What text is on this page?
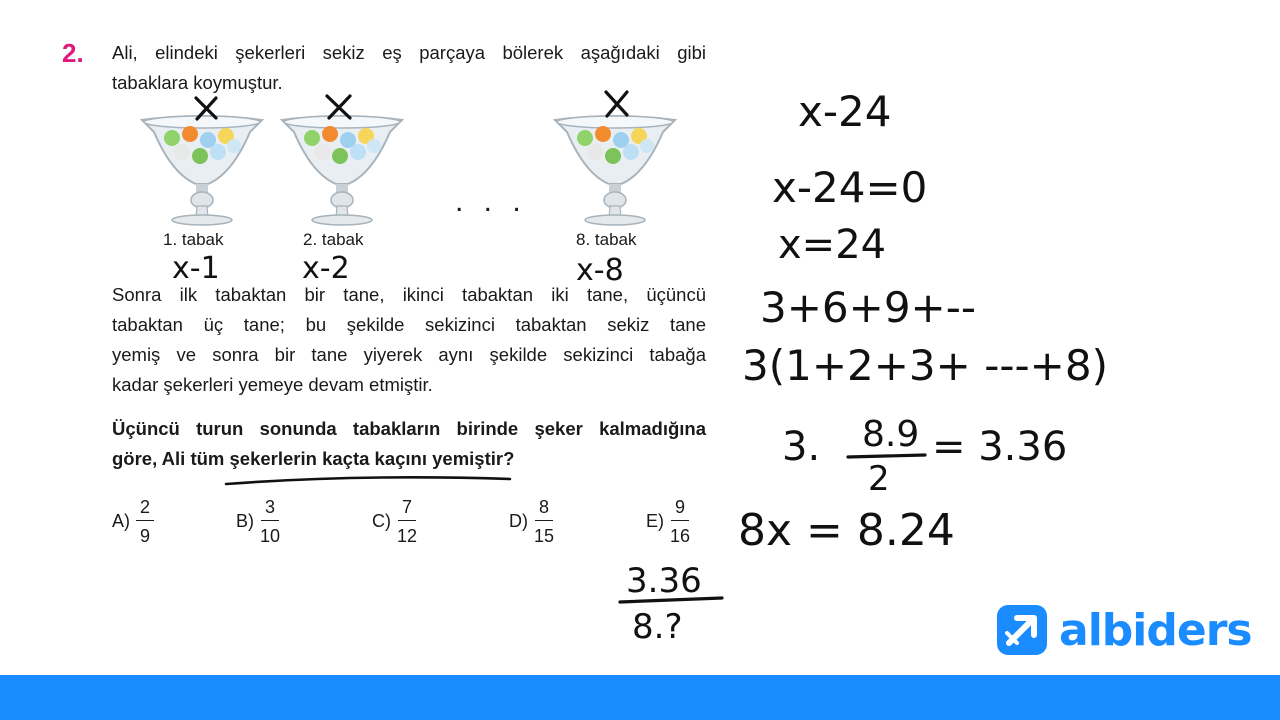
2. Ali, elindeki şekerleri sekiz eş parçaya bölerek aşağıdaki gibi
tabaklara koymuştur.
1. tabak	2. tabak	8. tabak
. . .
Sonra ilk tabaktan bir tane, ikinci tabaktan iki tane, üçüncü
tabaktan üç tane; bu şekilde sekizinci tabaktan sekiz tane
yemiş ve sonra bir tane yiyerek aynı şekilde sekizinci tabağa
kadar şekerleri yemeye devam etmiştir.
Üçüncü turun sonunda tabakların birinde şeker kalmadığına
göre, Ali tüm şekerlerin kaçta kaçını yemiştir?
$A) \frac{2}{9}$	$B) \frac{3}{10}$	$C) \frac{7}{12}$	$D) \frac{8}{15}$	$E) \frac{9}{16}$
x-1	x-2	x-8
x-24
x-24=0
x=24
3+6+9+--
3(1+2+3+ ---+8)
3. 8.9
2
= 3.36
8x = 8.24
3.36
8.?	albiders
